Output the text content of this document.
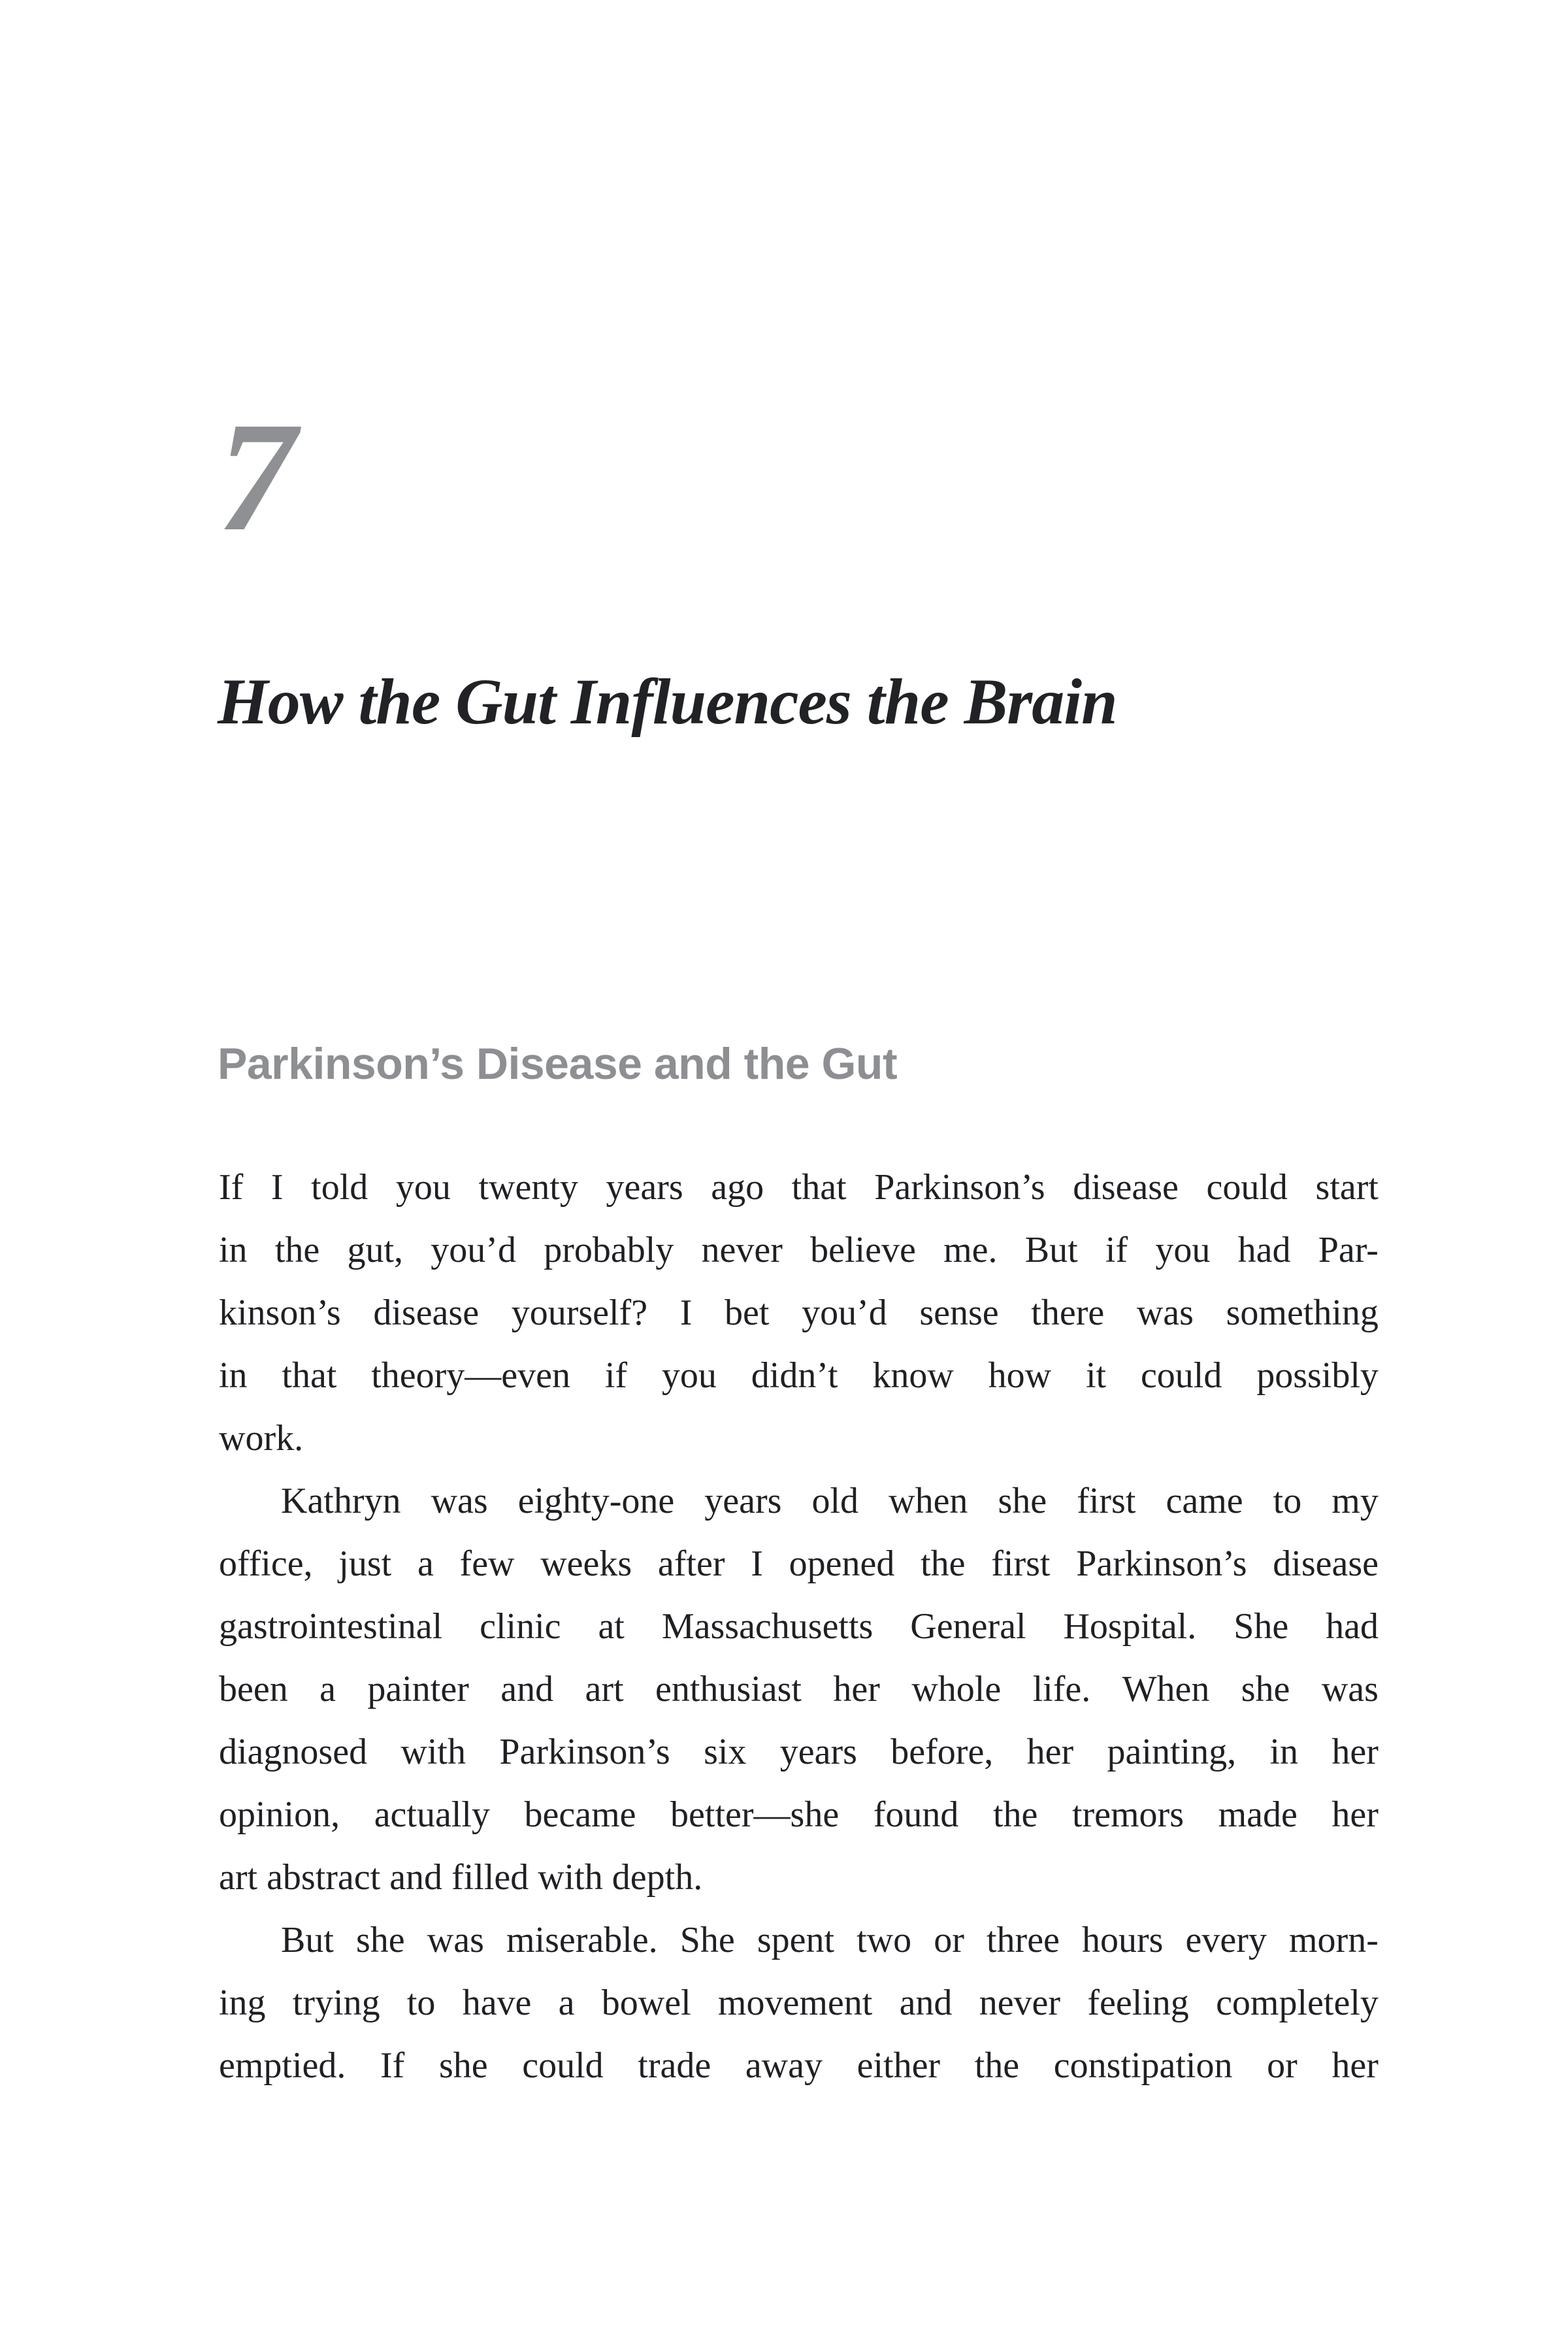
7
How the Gut Influences the Brain
Parkinson’s Disease and the Gut
If I told you twenty years ago that Parkinson’s disease could start
in the gut, you’d probably never believe me. But if you had Par-
kinson’s disease yourself? I bet you’d sense there was something
in that theory—even if you didn’t know how it could possibly
work.
Kathryn was eighty-one years old when she first came to my
office, just a few weeks after I opened the first Parkinson’s disease
gastrointestinal clinic at Massachusetts General Hospital. She had
been a painter and art enthusiast her whole life. When she was
diagnosed with Parkinson’s six years before, her painting, in her
opinion, actually became better—she found the tremors made her
art abstract and filled with depth.
But she was miserable. She spent two or three hours every morn-
ing trying to have a bowel movement and never feeling completely
emptied. If she could trade away either the constipation or her
